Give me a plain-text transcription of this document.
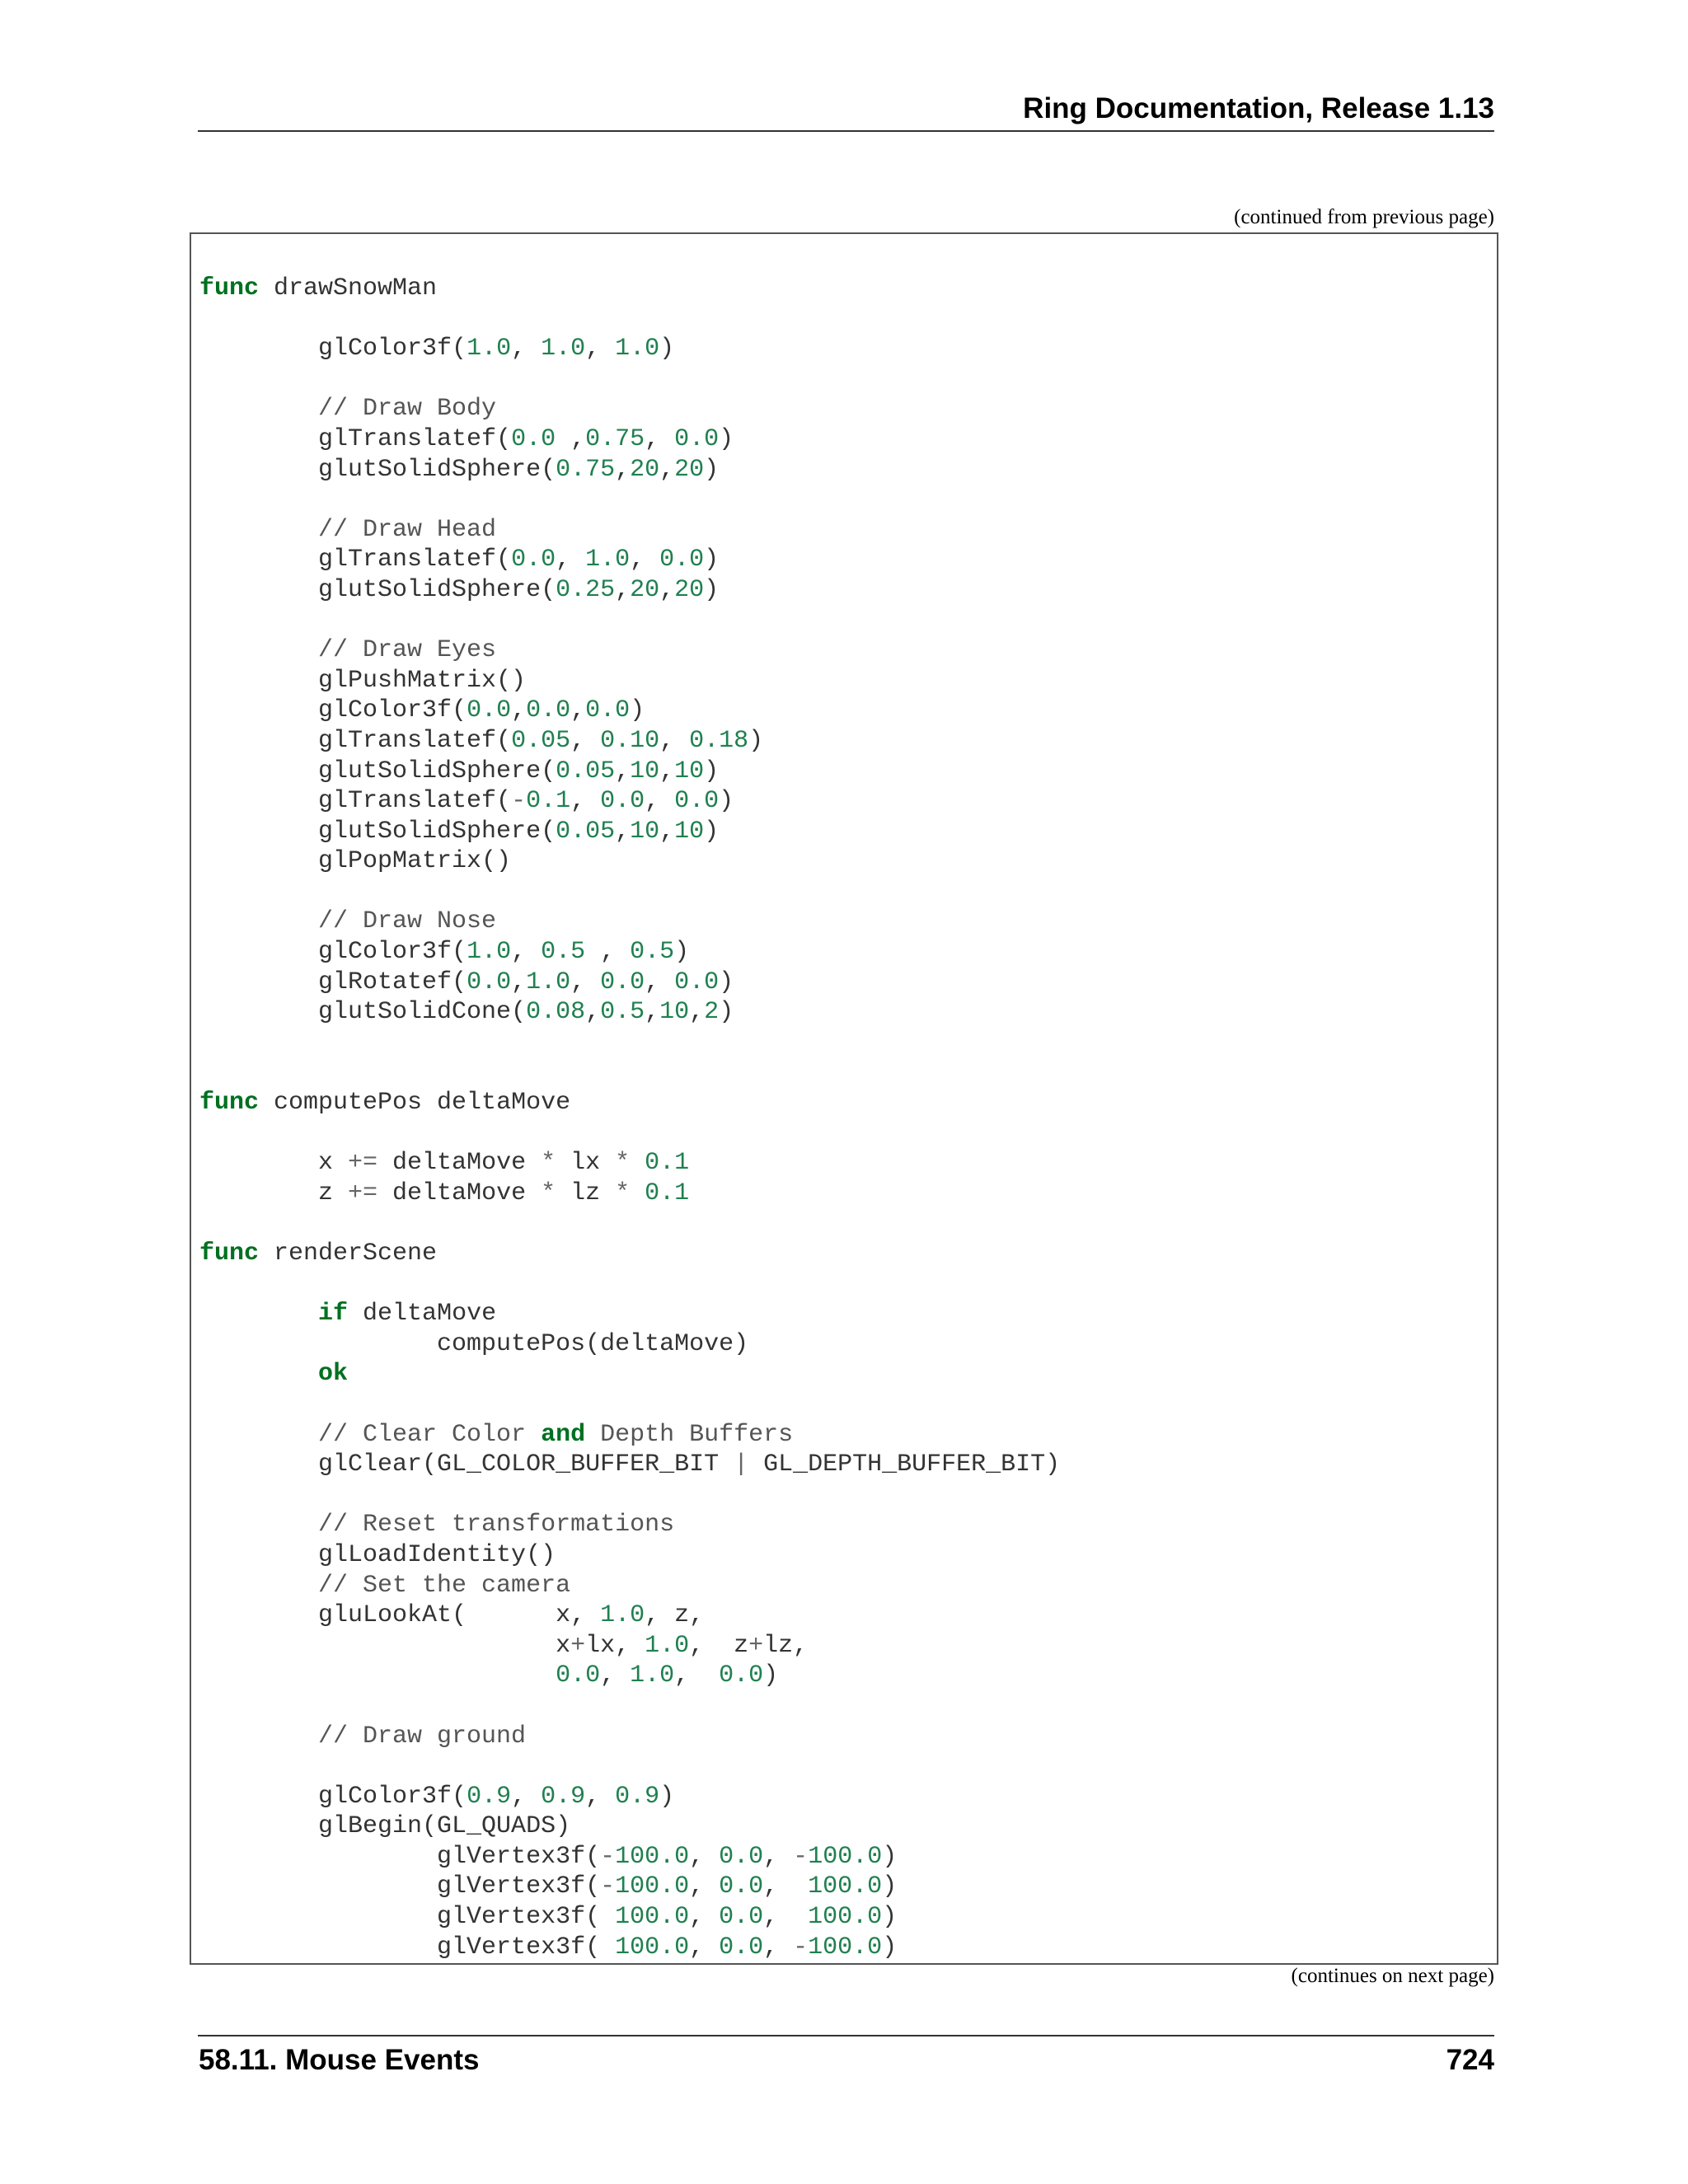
Ring Documentation, Release 1.13
(continued from previous page)
func drawSnowMan

glColor3f(1.0, 1.0, 1.0)

// Draw Body
glTranslatef(0.0 ,0.75, 0.0)
glutSolidSphere(0.75,20,20)

// Draw Head
glTranslatef(0.0, 1.0, 0.0)
glutSolidSphere(0.25,20,20)

// Draw Eyes
glPushMatrix()
glColor3f(0.0,0.0,0.0)
glTranslatef(0.05, 0.10, 0.18)
glutSolidSphere(0.05,10,10)
glTranslatef(-0.1, 0.0, 0.0)
glutSolidSphere(0.05,10,10)
glPopMatrix()

// Draw Nose
glColor3f(1.0, 0.5 , 0.5)
glRotatef(0.0,1.0, 0.0, 0.0)
glutSolidCone(0.08,0.5,10,2)

func computePos deltaMove

x += deltaMove * lx * 0.1
z += deltaMove * lz * 0.1

func renderScene

if deltaMove
computePos(deltaMove)
ok

// Clear Color and Depth Buffers
glClear(GL_COLOR_BUFFER_BIT | GL_DEPTH_BUFFER_BIT)

// Reset transformations
glLoadIdentity()
// Set the camera
gluLookAt(      x, 1.0, z,
x+lx, 1.0,  z+lz,
0.0, 1.0,  0.0)

// Draw ground

glColor3f(0.9, 0.9, 0.9)
glBegin(GL_QUADS)
glVertex3f(-100.0, 0.0, -100.0)
glVertex3f(-100.0, 0.0,  100.0)
glVertex3f( 100.0, 0.0,  100.0)
glVertex3f( 100.0, 0.0, -100.0)
(continues on next page)
58.11. Mouse Events	724
